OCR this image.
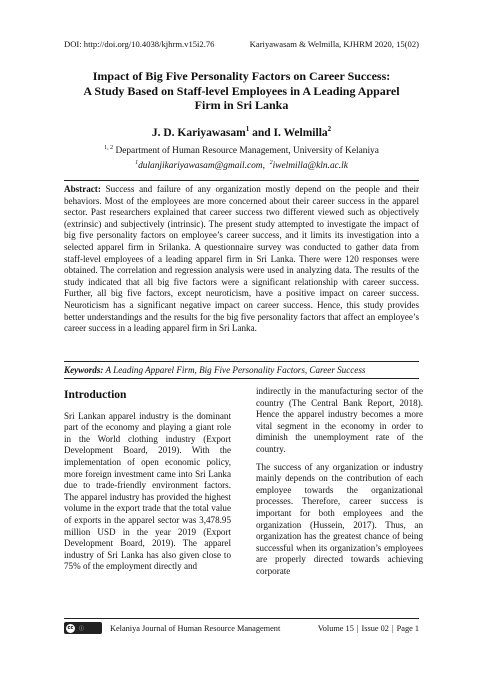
DOI: http://doi.org/10.4038/kjhrm.v15i2.76	Kariyawasam & Welmilla, KJHRM 2020, 15(02)
Impact of Big Five Personality Factors on Career Success:
A Study Based on Staff-level Employees in A Leading Apparel
Firm in Sri Lanka
J. D. Kariyawasam$^1$ and I. Welmilla$^2$
$^{1, 2}$ Department of Human Resource Management, University of Kelaniya
$^1$dulanjikariyawasam@gmail.com, $^2$iwelmilla@kln.ac.lk

Abstract: Success and failure of any organization mostly depend on the people and their behaviors. Most of the employees are more concerned about their career success in the apparel sector. Past researchers explained that career success two different viewed such as objectively (extrinsic) and subjectively (intrinsic). The present study attempted to investigate the impact of big five personality factors on employee’s career success, and it limits its investigation into a selected apparel firm in Srilanka. A questionnaire survey was conducted to gather data from staff-level employees of a leading apparel firm in Sri Lanka. There were 120 responses were obtained. The correlation and regression analysis were used in analyzing data. The results of the study indicated that all big five factors were a significant relationship with career success. Further, all big five factors, except neuroticism, have a positive impact on career success. Neuroticism has a significant negative impact on career success. Hence, this study provides better understandings and the results for the big five personality factors that affect an employee’s career success in a leading apparel firm in Sri Lanka.

Keywords: A Leading Apparel Firm, Big Five Personality Factors, Career Success
Introduction

Sri Lankan apparel industry is the dominant part of the economy and playing a giant role in the World clothing industry (Export Development Board, 2019). With the implementation of open economic policy, more foreign investment came into Sri Lanka due to trade-friendly environment factors. The apparel industry has provided the highest volume in the export trade that the total value of exports in the apparel sector was 3,478.95 million USD in the year 2019 (Export Development Board, 2019). The apparel industry of Sri Lanka has also given close to 75% of the employment directly and

indirectly in the manufacturing sector of the country (The Central Bank Report, 2018). Hence the apparel industry becomes a more vital segment in the economy in order to diminish the unemployment rate of the country.

The success of any organization or industry mainly depends on the contribution of each employee towards the organizational processes. Therefore, career success is important for both employees and the organization (Hussein, 2017). Thus, an organization has the greatest chance of being successful when its organization’s employees are properly directed towards achieving corporate

cc	ⓘ	Kelaniya Journal of Human Resource Management	Volume 15 | Issue 02 | Page 1
